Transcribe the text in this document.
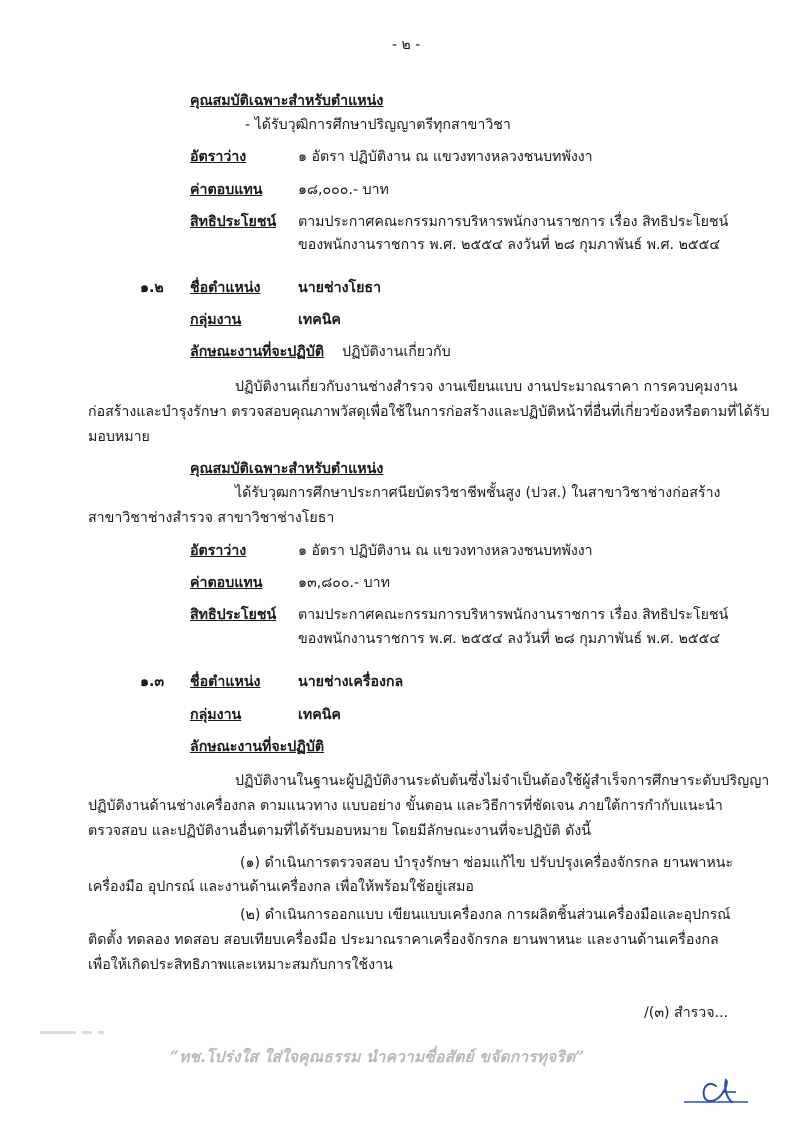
- ๒ -
คุณสมบัติเฉพาะสำหรับตำแหน่ง
- ได้รับวุฒิการศึกษาปริญญาตรีทุกสาขาวิชา
อัตราว่าง	๑ อัตรา ปฏิบัติงาน ณ แขวงทางหลวงชนบทพังงา
ค่าตอบแทน	๑๘,๐๐๐.- บาท
สิทธิประโยชน์ ตามประกาศคณะกรรมการบริหารพนักงานราชการ เรื่อง สิทธิประโยชน์
ของพนักงานราชการ พ.ศ. ๒๕๕๔ ลงวันที่ ๒๘ กุมภาพันธ์ พ.ศ. ๒๕๕๔
๑.๒ ชื่อตำแหน่ง	นายช่างโยธา
กลุ่มงาน	เทคนิค
ลักษณะงานที่จะปฏิบัติ ปฏิบัติงานเกี่ยวกับ
ปฏิบัติงานเกี่ยวกับงานช่างสำรวจ งานเขียนแบบ งานประมาณราคา การควบคุมงาน
ก่อสร้างและบำรุงรักษา ตรวจสอบคุณภาพวัสดุเพื่อใช้ในการก่อสร้างและปฏิบัติหน้าที่อื่นที่เกี่ยวข้องหรือตามที่ได้รับ
มอบหมาย
คุณสมบัติเฉพาะสำหรับตำแหน่ง
ได้รับวุฒการศึกษาประกาศนียบัตรวิชาชีพชั้นสูง (ปวส.) ในสาขาวิชาช่างก่อสร้าง
สาขาวิชาช่างสำรวจ สาขาวิชาช่างโยธา
อัตราว่าง	๑ อัตรา ปฏิบัติงาน ณ แขวงทางหลวงชนบทพังงา
ค่าตอบแทน	๑๓,๘๐๐.- บาท
สิทธิประโยชน์ ตามประกาศคณะกรรมการบริหารพนักงานราชการ เรื่อง สิทธิประโยชน์
ของพนักงานราชการ พ.ศ. ๒๕๕๔ ลงวันที่ ๒๘ กุมภาพันธ์ พ.ศ. ๒๕๕๔
๑.๓ ชื่อตำแหน่ง	นายช่างเครื่องกล
กลุ่มงาน	เทคนิค
ลักษณะงานที่จะปฏิบัติ
ปฏิบัติงานในฐานะผู้ปฏิบัติงานระดับต้นซึ่งไม่จำเป็นต้องใช้ผู้สำเร็จการศึกษาระดับปริญญา
ปฏิบัติงานด้านช่างเครื่องกล ตามแนวทาง แบบอย่าง ขั้นตอน และวิธีการที่ชัดเจน ภายใต้การกำกับแนะนำ
ตรวจสอบ และปฏิบัติงานอื่นตามที่ได้รับมอบหมาย โดยมีลักษณะงานที่จะปฏิบัติ ดังนี้
(๑) ดำเนินการตรวจสอบ บำรุงรักษา ซ่อมแก้ไข ปรับปรุงเครื่องจักรกล ยานพาหนะ
เครื่องมือ อุปกรณ์ และงานด้านเครื่องกล เพื่อให้พร้อมใช้อยู่เสมอ
(๒) ดำเนินการออกแบบ เขียนแบบเครื่องกล การผลิตชิ้นส่วนเครื่องมือและอุปกรณ์
ติดตั้ง ทดลอง ทดสอบ สอบเทียบเครื่องมือ ประมาณราคาเครื่องจักรกล ยานพาหนะ และงานด้านเครื่องกล
เพื่อให้เกิดประสิทธิภาพและเหมาะสมกับการใช้งาน
/(๓) สำรวจ...
“ทช.โปร่งใส ใส่ใจคุณธรรม นำความซื่อสัตย์ ขจัดการทุจริต”
